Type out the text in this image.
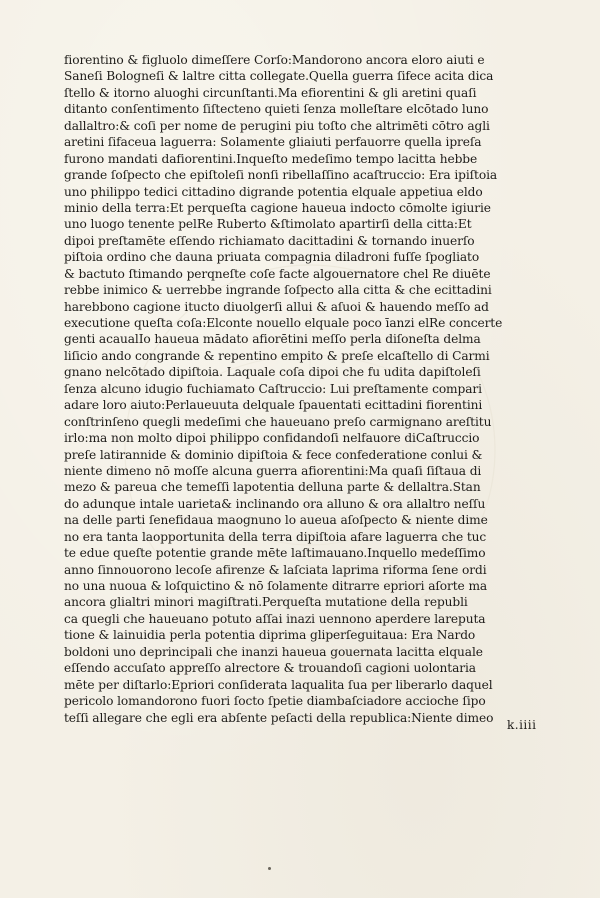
fiorentino & figluolo dimeſſere Corſo:Mandorono ancora eloro aiuti e
Saneſi Bologneſi & laltre citta collegate.Quella guerra ſifece acita dica
ſtello & itorno aluoghi circunſtanti.Ma efiorentini & gli aretini quaſi
ditanto conſentimento ſiſtecteno quieti ſenza molleſtare elcōtado luno
dallaltro:& coſi per nome de perugini piu toſto che altrimēti cōtro agli
aretini ſifaceua laguerra: Solamente gliaiuti perfauorre quella ipreſa
furono mandati dafiorentini.Inqueſto medeſimo tempo lacitta hebbe
grande ſoſpecto che epiſtoleſi nonſi ribellaſſino acaſtruccio: Era ipiſtoia
uno philippo tedici cittadino digrande potentia elquale appetiua eldo
minio della terra:Et perqueſta cagione haueua indocto cōmolte igiurie
uno luogo tenente pelRe Ruberto &ſtimolato apartirſi della citta:Et
dipoi preſtamēte eſſendo richiamato dacittadini & tornando inuerſo
piſtoia ordino che dauna priuata compagnia diladroni fuſſe ſpogliato
& bactuto ſtimando perqneſte coſe facte algouernatore chel Re diuēte
rebbe inimico & uerrebbe ingrande ſoſpecto alla citta & che ecittadini
harebbono cagione itucto diuolgerſi allui & aſuoi & hauendo meſſo ad
executione queſta coſa:Elconte nouello elquale poco īanzi elRe concerte
genti acaualIo haueua mādato afiorētini meſſo perla diſoneſta delma
liſicio ando congrande & repentino empito & preſe elcaſtello di Carmi
gnano nelcōtado dipiſtoia. Laquale coſa dipoi che fu udita dapiſtoleſi
ſenza alcuno idugio fuchiamato Caſtruccio: Lui preſtamente compari
adare loro aiuto:Perlaueuuta delquale ſpauentati ecittadini fiorentini
conſtrinſeno quegli medeſimi che haueuano preſo carmignano areſtitu
irlo:ma non molto dipoi philippo confidandoſi nelfauore diCaſtruccio
preſe latirannide & dominio dipiſtoia & fece confederatione conlui &
niente dimeno nō moſſe alcuna guerra afiorentini:Ma quaſi ſiſtaua di
mezo & pareua che temeſſi lapotentia delluna parte & dellaltra.Stan
do adunque intale uarieta& inclinando ora alluno & ora allaltro neſſu
na delle parti ſenefidaua maognuno lo aueua aſoſpecto & niente dime
no era tanta laopportunita della terra dipiſtoia afare laguerra che tuc
te edue queſte potentie grande mēte laſtimauano.Inquello medeſſimo
anno ſinnouorono lecoſe afirenze & laſciata laprima riforma ſene ordi
no una nuoua & loſquictino & nō ſolamente ditrarre epriori aſorte ma
ancora glialtri minori magiſtrati.Perqueſta mutatione della republi
ca quegli che haueuano potuto aſſai inazi uennono aperdere lareputa
tione & lainuidia perla potentia diprima gliperſeguitaua: Era Nardo
boldoni uno deprincipali che inanzi haueua gouernata lacitta elquale
eſſendo accuſato appreſſo alrectore & trouandoſi cagioni uolontaria
mēte per diſtarlo:Epriori conſiderata laqualita ſua per liberarlo daquel
pericolo lomandorono fuori ſocto ſpetie diambaſciadore accioche ſipo
teſſi allegare che egli era abſente peſacti della republica:Niente dimeo
k.iiii
